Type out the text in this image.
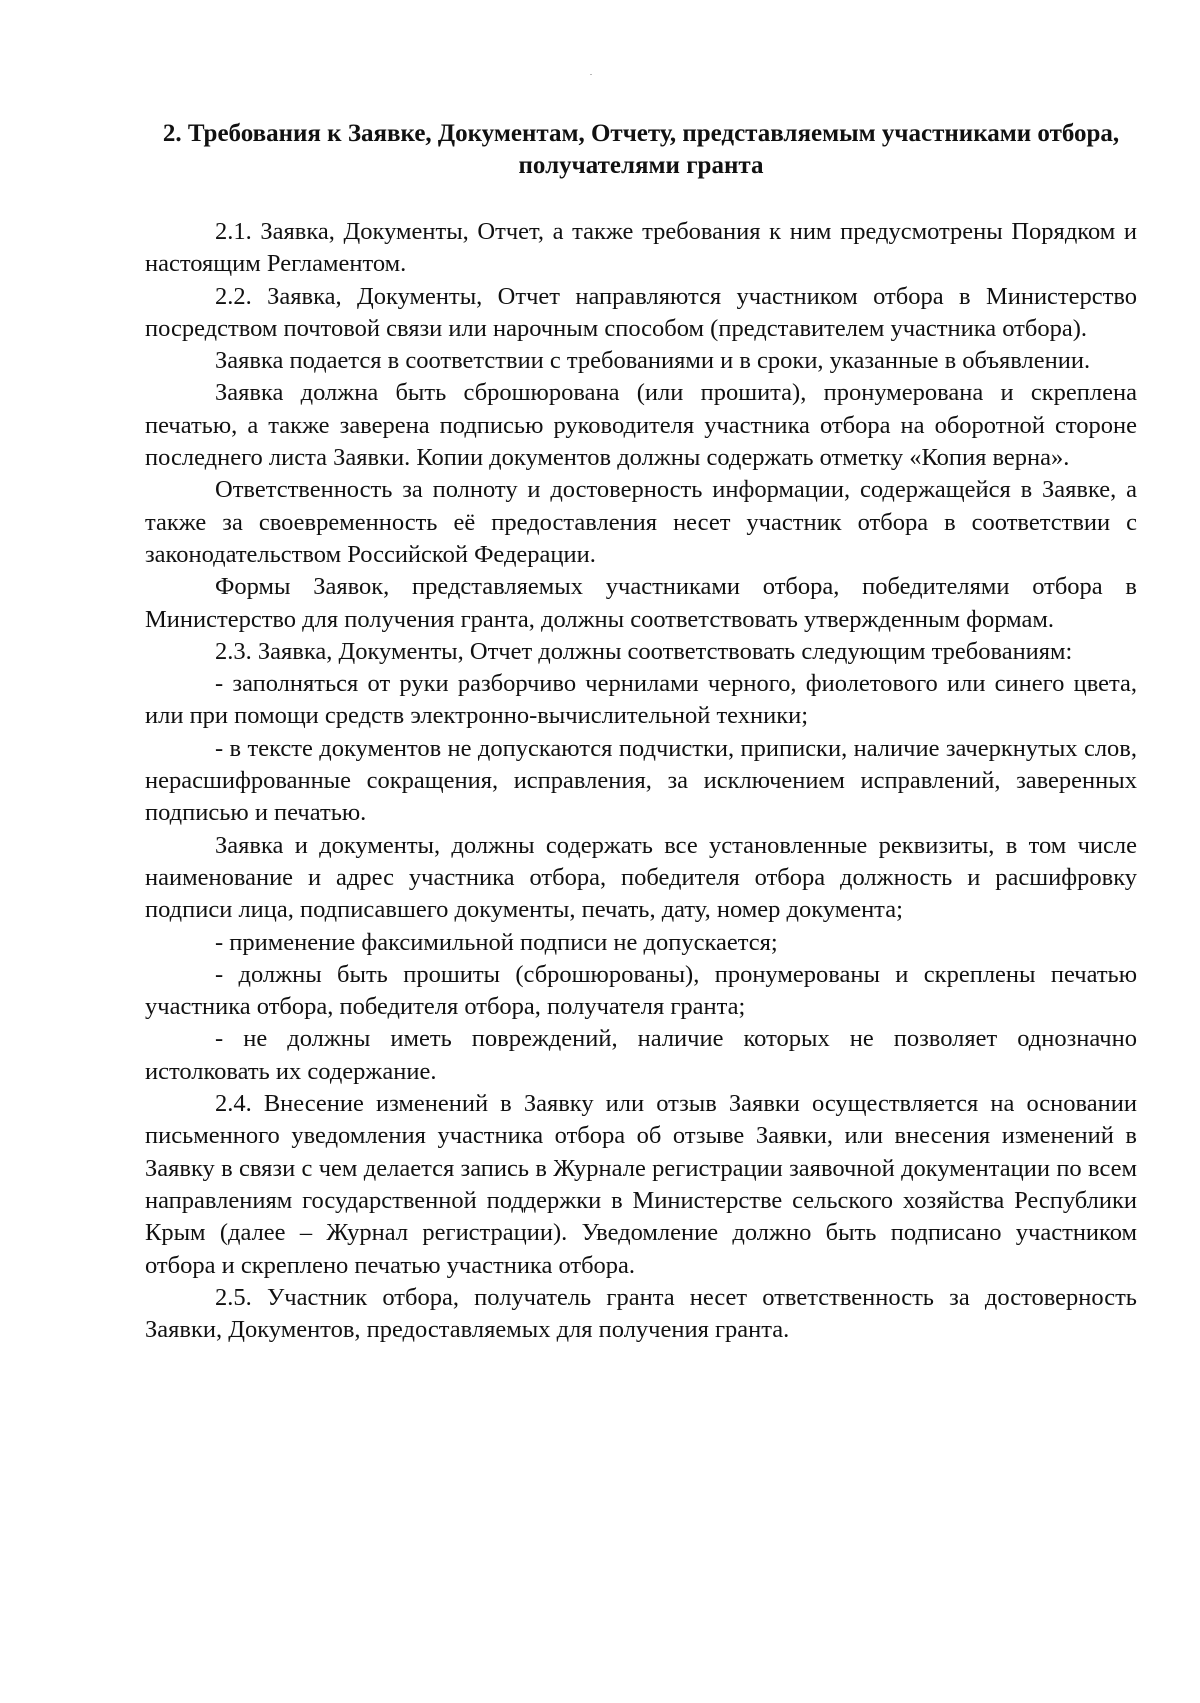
2. Требования к Заявке, Документам, Отчету, представляемым участниками отбора, получателями гранта

2.1. Заявка, Документы, Отчет, а также требования к ним предусмотрены Порядком и настоящим Регламентом.

2.2. Заявка, Документы, Отчет направляются участником отбора в Министерство посредством почтовой связи или нарочным способом (представителем участника отбора).

Заявка подается в соответствии с требованиями и в сроки, указанные в объявлении.

Заявка должна быть сброшюрована (или прошита), пронумерована и скреплена печатью, а также заверена подписью руководителя участника отбора на оборотной стороне последнего листа Заявки. Копии документов должны содержать отметку «Копия верна».

Ответственность за полноту и достоверность информации, содержащейся в Заявке, а также за своевременность её предоставления несет участник отбора в соответствии с законодательством Российской Федерации.

Формы Заявок, представляемых участниками отбора, победителями отбора в Министерство для получения гранта, должны соответствовать утвержденным формам.

2.3. Заявка, Документы, Отчет должны соответствовать следующим требованиям:

- заполняться от руки разборчиво чернилами черного, фиолетового или синего цвета, или при помощи средств электронно-вычислительной техники;

- в тексте документов не допускаются подчистки, приписки, наличие зачеркнутых слов, нерасшифрованные сокращения, исправления, за исключением исправлений, заверенных подписью и печатью.

Заявка и документы, должны содержать все установленные реквизиты, в том числе наименование и адрес участника отбора, победителя отбора должность и расшифровку подписи лица, подписавшего документы, печать, дату, номер документа;

- применение факсимильной подписи не допускается;

- должны быть прошиты (сброшюрованы), пронумерованы и скреплены печатью участника отбора, победителя отбора, получателя гранта;

- не должны иметь повреждений, наличие которых не позволяет однозначно истолковать их содержание.

2.4. Внесение изменений в Заявку или отзыв Заявки осуществляется на основании письменного уведомления участника отбора об отзыве Заявки, или внесения изменений в Заявку в связи с чем делается запись в Журнале регистрации заявочной документации по всем направлениям государственной поддержки в Министерстве сельского хозяйства Республики Крым (далее – Журнал регистрации). Уведомление должно быть подписано участником отбора и скреплено печатью участника отбора.

2.5. Участник отбора, получатель гранта несет ответственность за достоверность Заявки, Документов, предоставляемых для получения гранта.
